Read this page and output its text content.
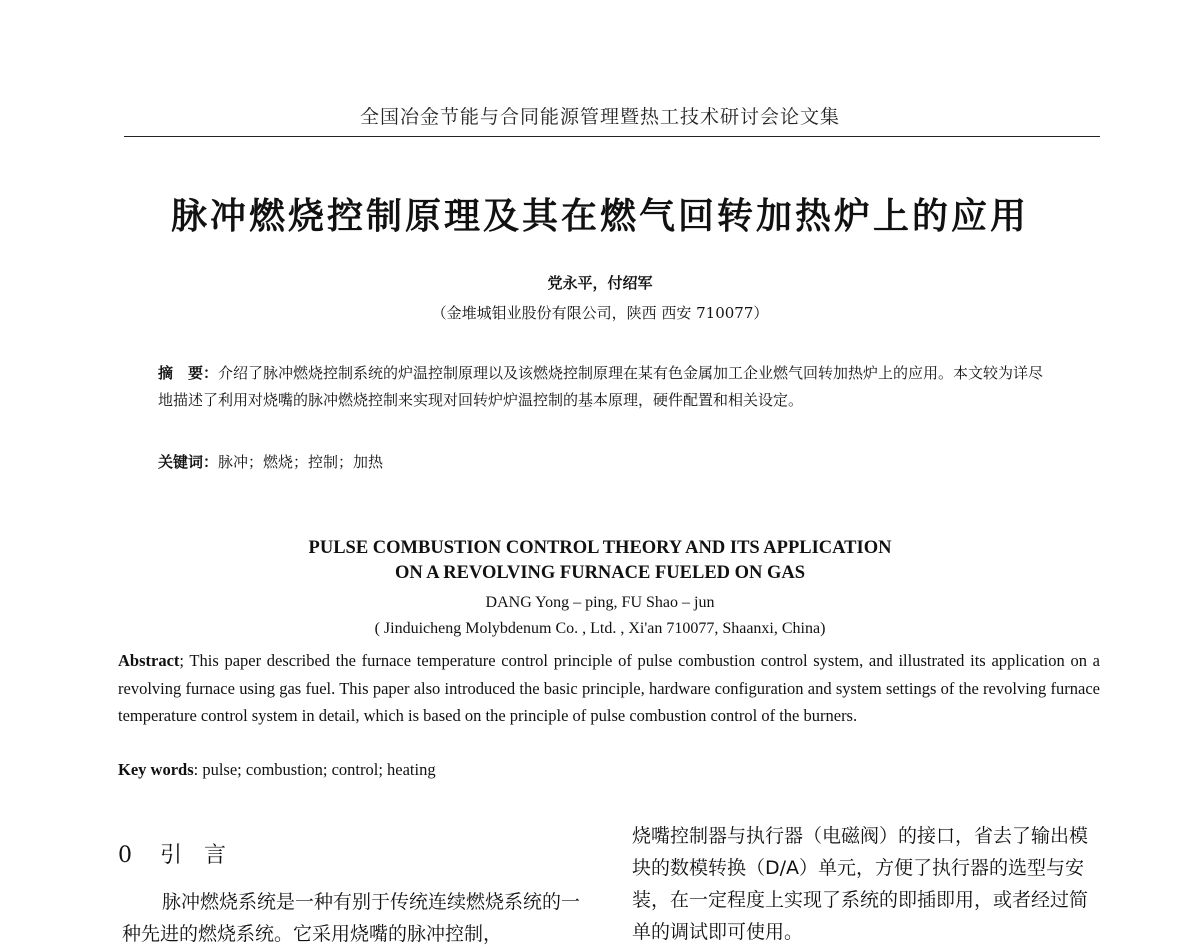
全国冶金节能与合同能源管理暨热工技术研讨会论文集
脉冲燃烧控制原理及其在燃气回转加热炉上的应用
党永平，付绍军
（金堆城钼业股份有限公司，陕西 西安 710077）
摘　要：介绍了脉冲燃烧控制系统的炉温控制原理以及该燃烧控制原理在某有色金属加工企业燃气回转加热炉上的应用。本文较为详尽地描述了利用对烧嘴的脉冲燃烧控制来实现对回转炉炉温控制的基本原理，硬件配置和相关设定。
关键词：脉冲；燃烧；控制；加热
PULSE COMBUSTION CONTROL THEORY AND ITS APPLICATION
ON A REVOLVING FURNACE FUELED ON GAS
DANG Yong – ping, FU Shao – jun
( Jinduicheng Molybdenum Co. , Ltd. , Xi'an 710077, Shaanxi, China)
Abstract; This paper described the furnace temperature control principle of pulse combustion control system, and illustrated its application on a revolving furnace using gas fuel. This paper also introduced the basic principle, hardware configuration and system settings of the revolving furnace temperature control system in detail, which is based on the principle of pulse combustion control of the burners.
Key words: pulse; combustion; control; heating
0 引　言
脉冲燃烧系统是一种有别于传统连续燃烧系统的一种先进的燃烧系统。它采用烧嘴的脉冲控制，
烧嘴控制器与执行器（电磁阀）的接口，省去了输出模块的数模转换（D/A）单元，方便了执行器的选型与安装，在一定程度上实现了系统的即插即用，或者经过简单的调试即可使用。
